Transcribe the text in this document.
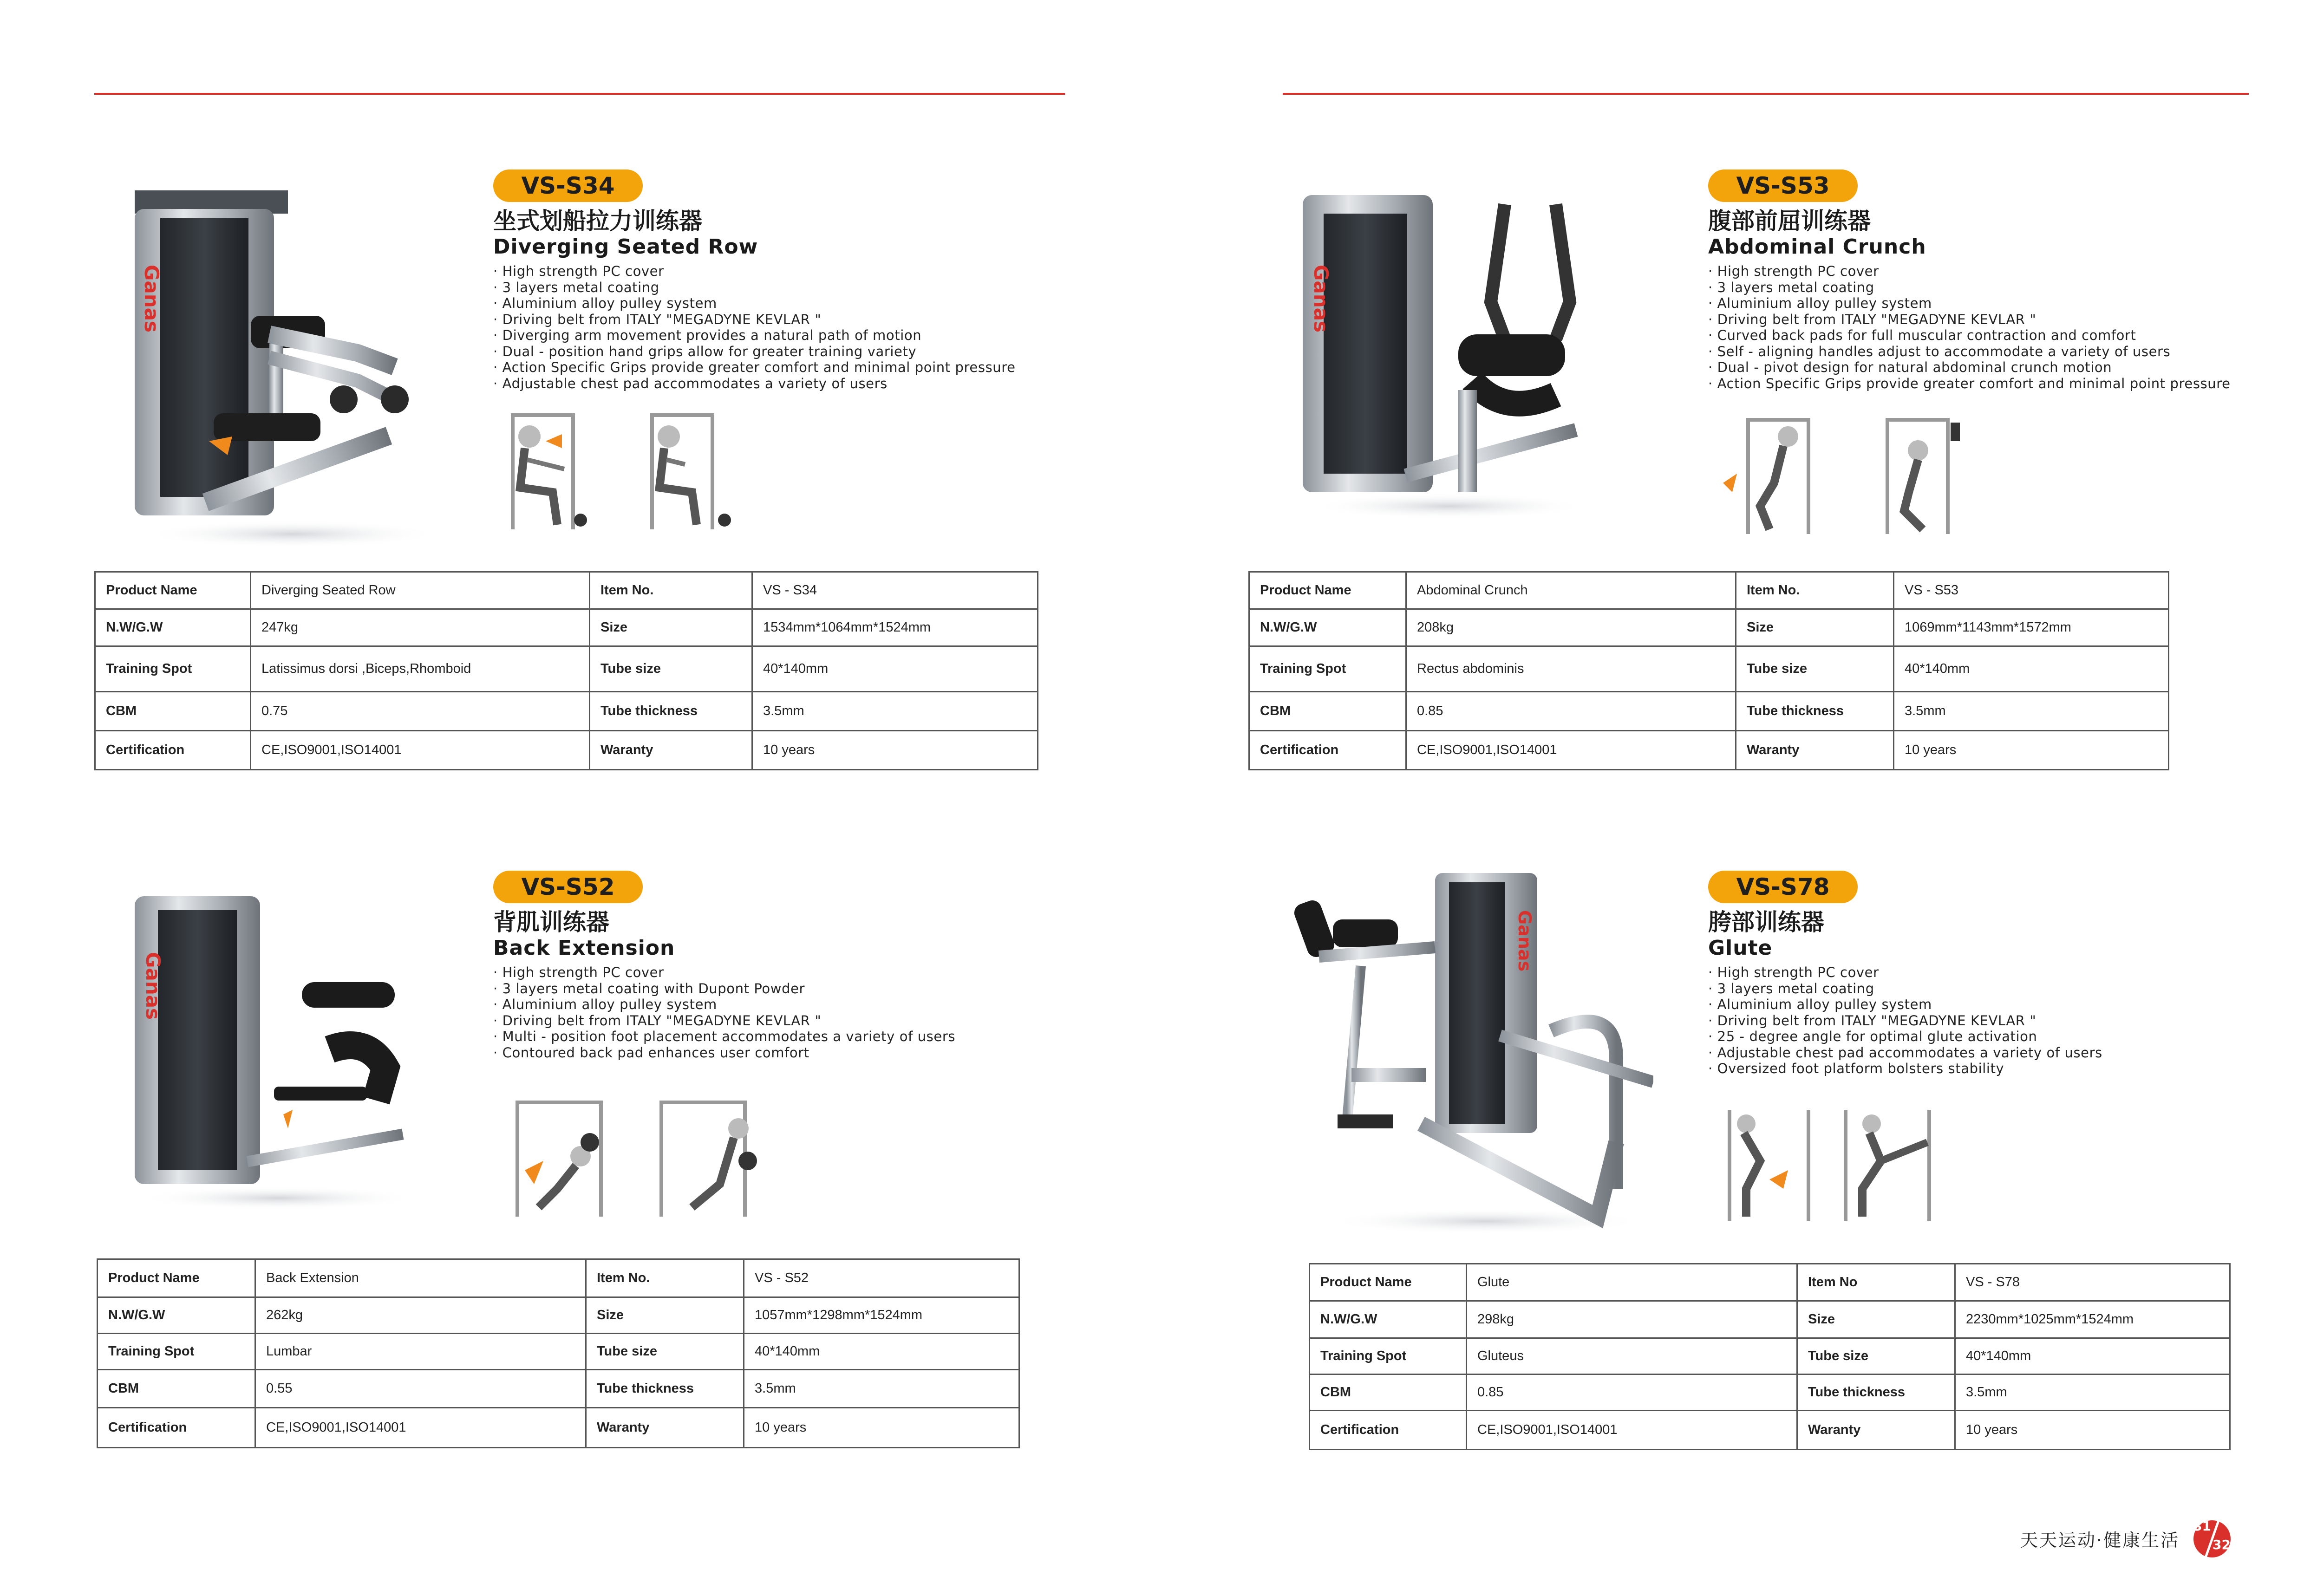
Ganas
VS-S34
坐式划船拉力训练器
Diverging Seated Row
· High strength PC cover
· 3 layers metal coating
· Aluminium alloy pulley system
· Driving belt from ITALY "MEGADYNE KEVLAR "
· Diverging arm movement provides a natural path of motion
· Dual - position hand grips allow for greater training variety
· Action Specific Grips provide greater comfort and minimal point pressure
· Adjustable chest pad accommodates a variety of users
Product Name	Diverging Seated Row	Item No.	VS - S34
N.W/G.W	247kg	Size	1534mm*1064mm*1524mm
Training Spot	Latissimus dorsi ,Biceps,Rhomboid	Tube size	40*140mm
CBM	0.75	Tube thickness	3.5mm
Certification	CE,ISO9001,ISO14001	Waranty	10 years
Ganas
VS-S53
腹部前屈训练器
Abdominal Crunch
· High strength PC cover
· 3 layers metal coating
· Aluminium alloy pulley system
· Driving belt from ITALY "MEGADYNE KEVLAR "
· Curved back pads for full muscular contraction and comfort
· Self - aligning handles adjust to accommodate a variety of users
· Dual - pivot design for natural abdominal crunch motion
· Action Specific Grips provide greater comfort and minimal point pressure
Product Name	Abdominal Crunch	Item No.	VS - S53
N.W/G.W	208kg	Size	1069mm*1143mm*1572mm
Training Spot	Rectus abdominis	Tube size	40*140mm
CBM	0.85	Tube thickness	3.5mm
Certification	CE,ISO9001,ISO14001	Waranty	10 years
Ganas
VS-S52
背肌训练器
Back Extension
· High strength PC cover
· 3 layers metal coating with Dupont Powder
· Aluminium alloy pulley system
· Driving belt from ITALY "MEGADYNE KEVLAR "
· Multi - position foot placement accommodates a variety of users
· Contoured back pad enhances user comfort
Product Name	Back Extension	Item No.	VS - S52
N.W/G.W	262kg	Size	1057mm*1298mm*1524mm
Training Spot	Lumbar	Tube size	40*140mm
CBM	0.55	Tube thickness	3.5mm
Certification	CE,ISO9001,ISO14001	Waranty	10 years
Ganas
VS-S78
胯部训练器
Glute
· High strength PC cover
· 3 layers metal coating
· Aluminium alloy pulley system
· Driving belt from ITALY "MEGADYNE KEVLAR "
· 25 - degree angle for optimal glute activation
· Adjustable chest pad accommodates a variety of users
· Oversized foot platform bolsters stability
Product Name	Glute	Item No	VS - S78
N.W/G.W	298kg	Size	2230mm*1025mm*1524mm
Training Spot	Gluteus	Tube size	40*140mm
CBM	0.85	Tube thickness	3.5mm
Certification	CE,ISO9001,ISO14001	Waranty	10 years
天天运动·健康生活
31
32
